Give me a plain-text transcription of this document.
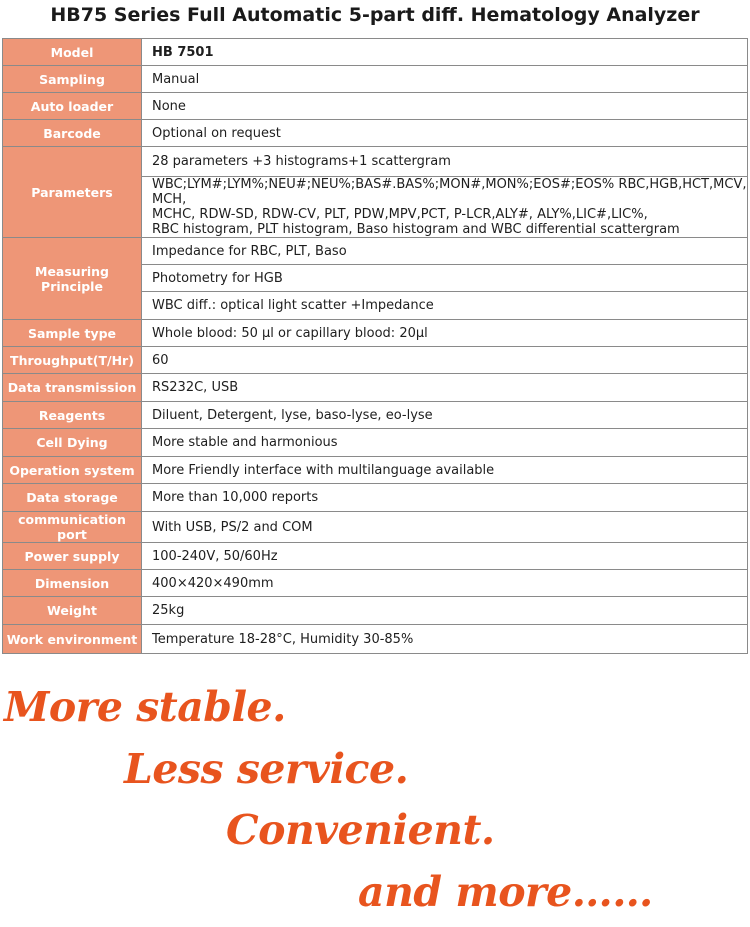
HB75 Series Full Automatic 5-part diff. Hematology Analyzer
Model	HB 7501
Sampling	Manual
Auto loader	None
Barcode	Optional on request
Parameters	28 parameters +3 histograms+1 scattergram

	WBC;LYM#;LYM%;NEU#;NEU%;BAS#.BAS%;MON#,MON%;EOS#;EOS% RBC,HGB,HCT,MCV, MCH,
MCHC, RDW-SD, RDW-CV, PLT, PDW,MPV,PCT, P-LCR,ALY#, ALY%,LIC#,LIC%,
RBC histogram, PLT histogram, Baso histogram and WBC differential scattergram

Measuring Principle	Impedance for RBC, PLT, Baso
	Photometry for HGB
	WBC diff.: optical light scatter +Impedance
Sample type	Whole blood: 50 μl or capillary blood: 20μl
Throughput(T/Hr)	60
Data transmission	RS232C, USB
Reagents	Diluent, Detergent, lyse, baso-lyse, eo-lyse
Cell Dying	More stable and harmonious
Operation system	More Friendly interface with multilanguage available
Data storage	More than 10,000 reports
communication port	With USB, PS/2 and COM
Power supply	100-240V, 50/60Hz
Dimension	400×420×490mm
Weight	25kg
Work environment	Temperature 18-28°C, Humidity 30-85%
More stable.
Less service.
Convenient.
and more……
